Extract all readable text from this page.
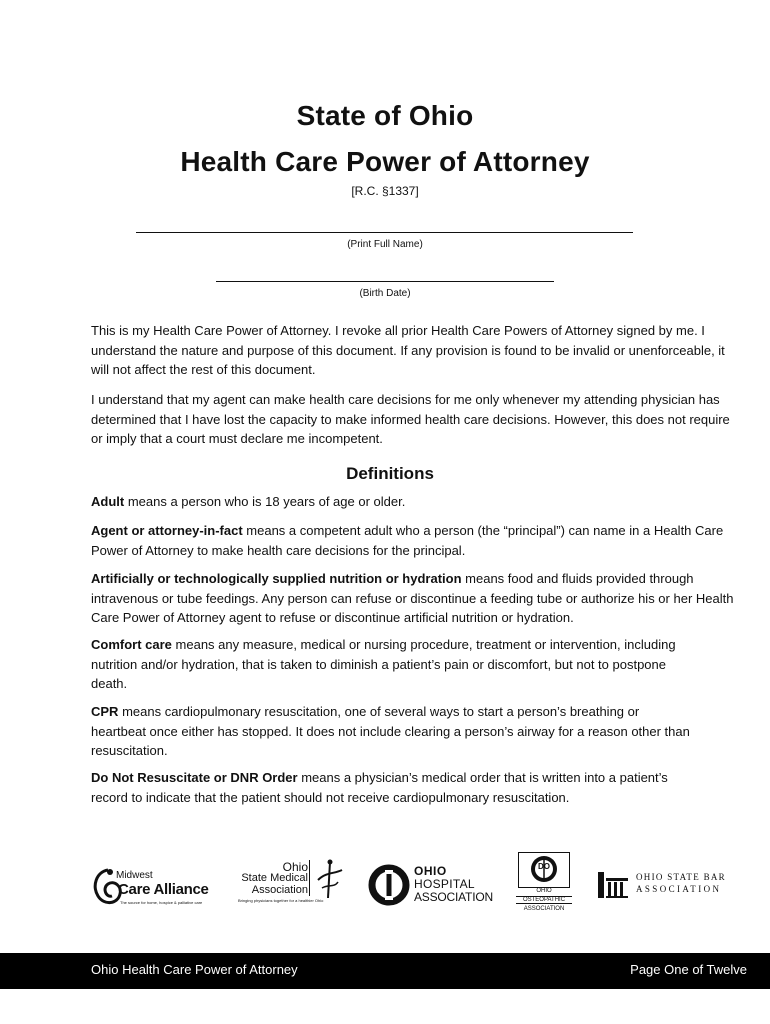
State of Ohio
Health Care Power of Attorney
[R.C. §1337]
(Print Full Name)
(Birth Date)
This is my Health Care Power of Attorney. I revoke all prior Health Care Powers of Attorney signed by me. I understand the nature and purpose of this document. If any provision is found to be invalid or unenforceable, it will not affect the rest of this document.
I understand that my agent can make health care decisions for me only whenever my attending physician has determined that I have lost the capacity to make informed health care decisions. However, this does not require or imply that a court must declare me incompetent.
Definitions
Adult means a person who is 18 years of age or older.
Agent or attorney-in-fact means a competent adult who a person (the “principal”) can name in a Health Care Power of Attorney to make health care decisions for the principal.
Artificially or technologically supplied nutrition or hydration means food and fluids provided through intravenous or tube feedings. Any person can refuse or discontinue a feeding tube or authorize his or her Health Care Power of Attorney agent to refuse or discontinue artificial nutrition or hydration.
Comfort care means any measure, medical or nursing procedure, treatment or intervention, including nutrition and/or hydration, that is taken to diminish a patient’s pain or discomfort, but not to postpone death.
CPR means cardiopulmonary resuscitation, one of several ways to start a person’s breathing or heartbeat once either has stopped. It does not include clearing a person’s airway for a reason other than resuscitation.
Do Not Resuscitate or DNR Order means a physician’s medical order that is written into a patient’s record to indicate that the patient should not receive cardiopulmonary resuscitation.
Midwest
Care Alliance
The source for home, hospice & palliative care
Ohio
State Medical
Association
Bringing physicians together for a healthier Ohio
OHIO
HOSPITAL
ASSOCIATION
DO
OHIO
OSTEOPATHIC
ASSOCIATION
OHIO STATE BAR
ASSOCIATION
Ohio Health Care Power of Attorney	Page One of Twelve
